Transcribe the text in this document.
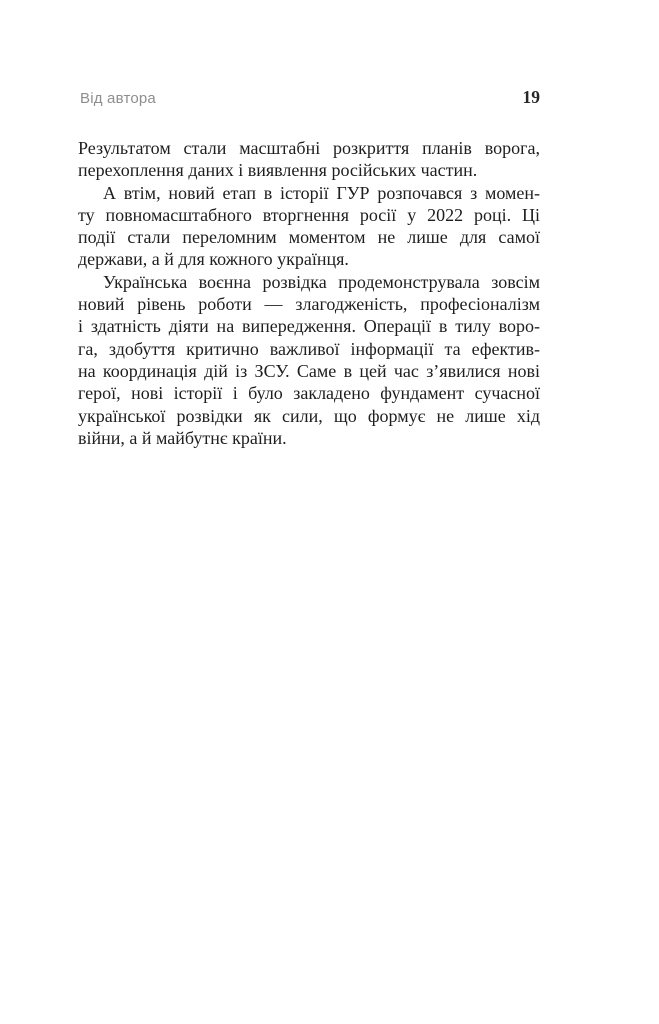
Від автора	19
Результатом стали масштабні розкриття планів ворога,
перехоплення даних і виявлення російських частин.
А втім, новий етап в історії ГУР розпочався з момен-
ту повномасштабного вторгнення росії у 2022 році. Ці
події стали переломним моментом не лише для самої
держави, а й для кожного українця.
Українська воєнна розвідка продемонструвала зовсім
новий рівень роботи — злагодженість, професіоналізм
і здатність діяти на випередження. Операції в тилу воро-
га, здобуття критично важливої інформації та ефектив-
на координація дій із ЗСУ. Саме в цей час з’явилися нові
герої, нові історії і було закладено фундамент сучасної
української розвідки як сили, що формує не лише хід
війни, а й майбутнє країни.
